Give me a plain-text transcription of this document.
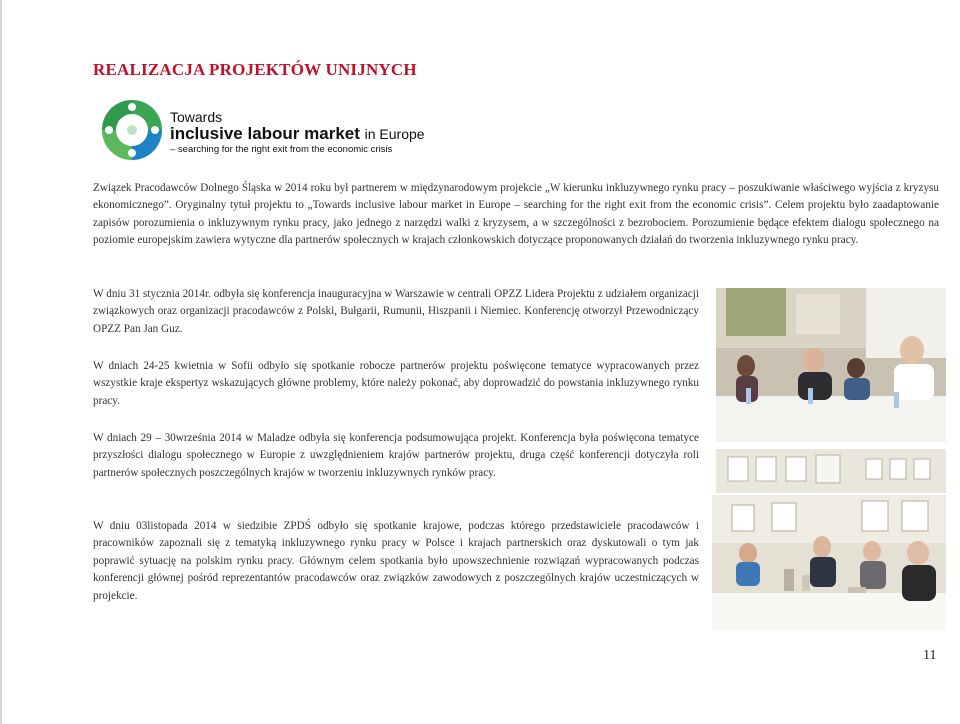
REALIZACJA PROJEKTÓW UNIJNYCH
Towards
inclusive labour market in Europe
– searching for the right exit from the economic crisis

Związek Pracodawców Dolnego Śląska w 2014 roku był partnerem w międzynarodowym projekcie „W kierunku inkluzywnego rynku pracy – poszukiwanie właściwego wyjścia z kryzysu ekonomicznego”. Oryginalny tytuł projektu to „Towards inclusive labour market in Europe – searching for the right exit from the economic crisis”. Celem projektu było zaadaptowanie zapisów porozumienia o inkluzywnym rynku pracy, jako jednego z narzędzi walki z kryzysem, a w szczególności z bezrobociem. Porozumienie będące efektem dialogu społecznego na poziomie europejskim zawiera wytyczne dla partnerów społecznych w krajach członkowskich dotyczące proponowanych działań do tworzenia inkluzywnego rynku pracy.

W dniu 31 stycznia 2014r. odbyła się konferencja inauguracyjna w Warszawie w centrali OPZZ Lidera Projektu z udziałem organizacji związkowych oraz organizacji pracodawców z Polski, Bułgarii, Rumunii, Hiszpanii i Niemiec. Konferencję otworzył Przewodniczący OPZZ Pan Jan Guz.

W dniach 24-25 kwietnia w Sofii odbyło się spotkanie robocze partnerów projektu poświęcone tematyce wypracowanych przez wszystkie kraje ekspertyz wskazujących główne problemy, które należy pokonać, aby doprowadzić do powstania inkluzywnego rynku pracy.

W dniach 29 – 30września 2014 w Maladze odbyła się konferencja podsumowująca projekt. Konferencja była poświęcona tematyce przyszłości dialogu społecznego w Europie z uwzględnieniem krajów partnerów projektu, druga część konferencji dotyczyła roli partnerów społecznych poszczególnych krajów w tworzeniu inkluzywnych rynków pracy.

W dniu 03listopada 2014 w siedzibie ZPDŚ odbyło się spotkanie krajowe, podczas którego przedstawiciele pracodawców i pracowników zapoznali się z tematyką inkluzywnego rynku pracy w Polsce i krajach partnerskich oraz dyskutowali o tym jak poprawić sytuację na polskim rynku pracy. Głównym celem spotkania było upowszechnienie rozwiązań wypracowanych podczas konferencji głównej pośród reprezentantów pracodawców oraz związków zawodowych z poszczególnych krajów uczestniczących w projekcie.

11
